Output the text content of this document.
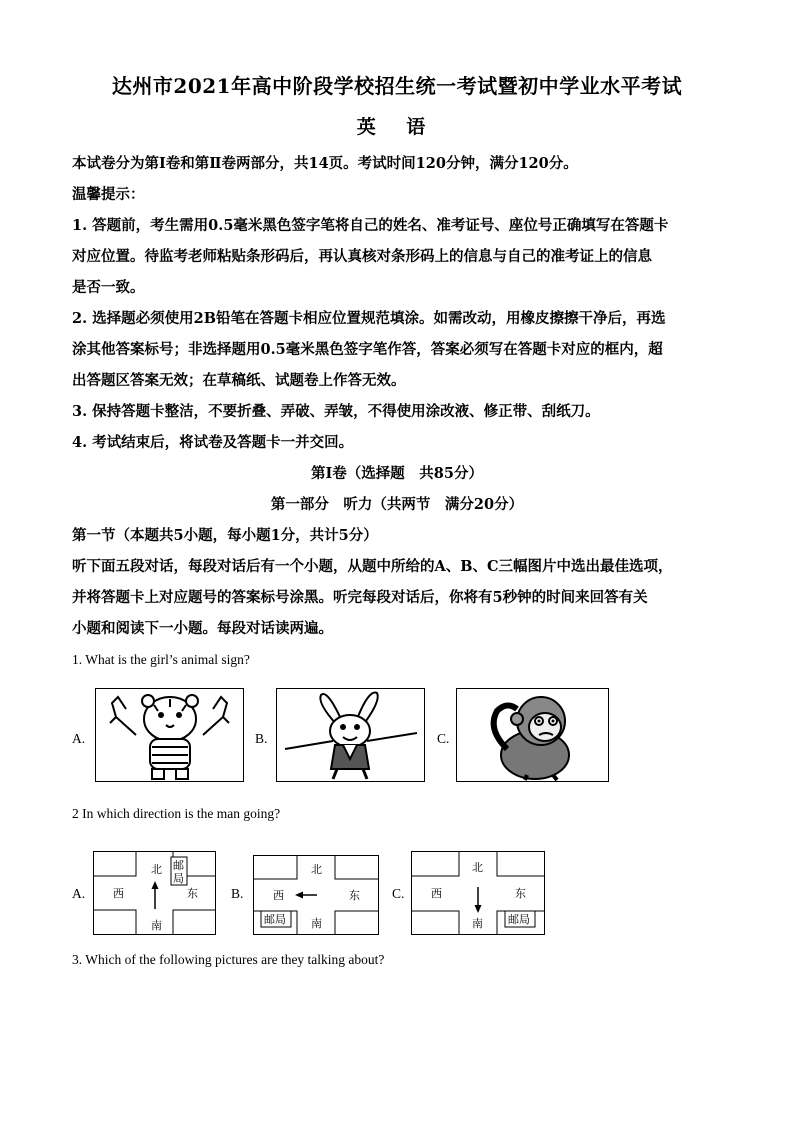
达州市2021年高中阶段学校招生统一考试暨初中学业水平考试
英 语
本试卷分为第Ⅰ卷和第Ⅱ卷两部分，共14页。考试时间120分钟，满分120分。
温馨提示：
1. 答题前，考生需用0.5毫米黑色签字笔将自己的姓名、准考证号、座位号正确填写在答题卡
对应位置。待监考老师粘贴条形码后，再认真核对条形码上的信息与自己的准考证上的信息
是否一致。
2. 选择题必须使用2B铅笔在答题卡相应位置规范填涂。如需改动，用橡皮擦擦干净后，再选
涂其他答案标号；非选择题用0.5毫米黑色签字笔作答，答案必须写在答题卡对应的框内，超
出答题区答案无效；在草稿纸、试题卷上作答无效。
3. 保持答题卡整洁，不要折叠、弄破、弄皱，不得使用涂改液、修正带、刮纸刀。
4. 考试结束后，将试卷及答题卡一并交回。
第Ⅰ卷（选择题　共85分）
第一部分　听力（共两节　满分20分）
第一节（本题共5小题，每小题1分，共计5分）
听下面五段对话，每段对话后有一个小题，从题中所给的A、B、C三幅图片中选出最佳选项，
并将答题卡上对应题号的答案标号涂黑。听完每段对话后，你将有5秒钟的时间来回答有关
小题和阅读下一小题。每段对话读两遍。
1. What is the girl’s animal sign?
A.	B.	C.
2 In which direction is the man going?
A.
北
南
西	东
邮
局
B.
北
南
西	东
邮局
C.
北
南
西	东
邮局
3. Which of the following pictures are they talking about?
